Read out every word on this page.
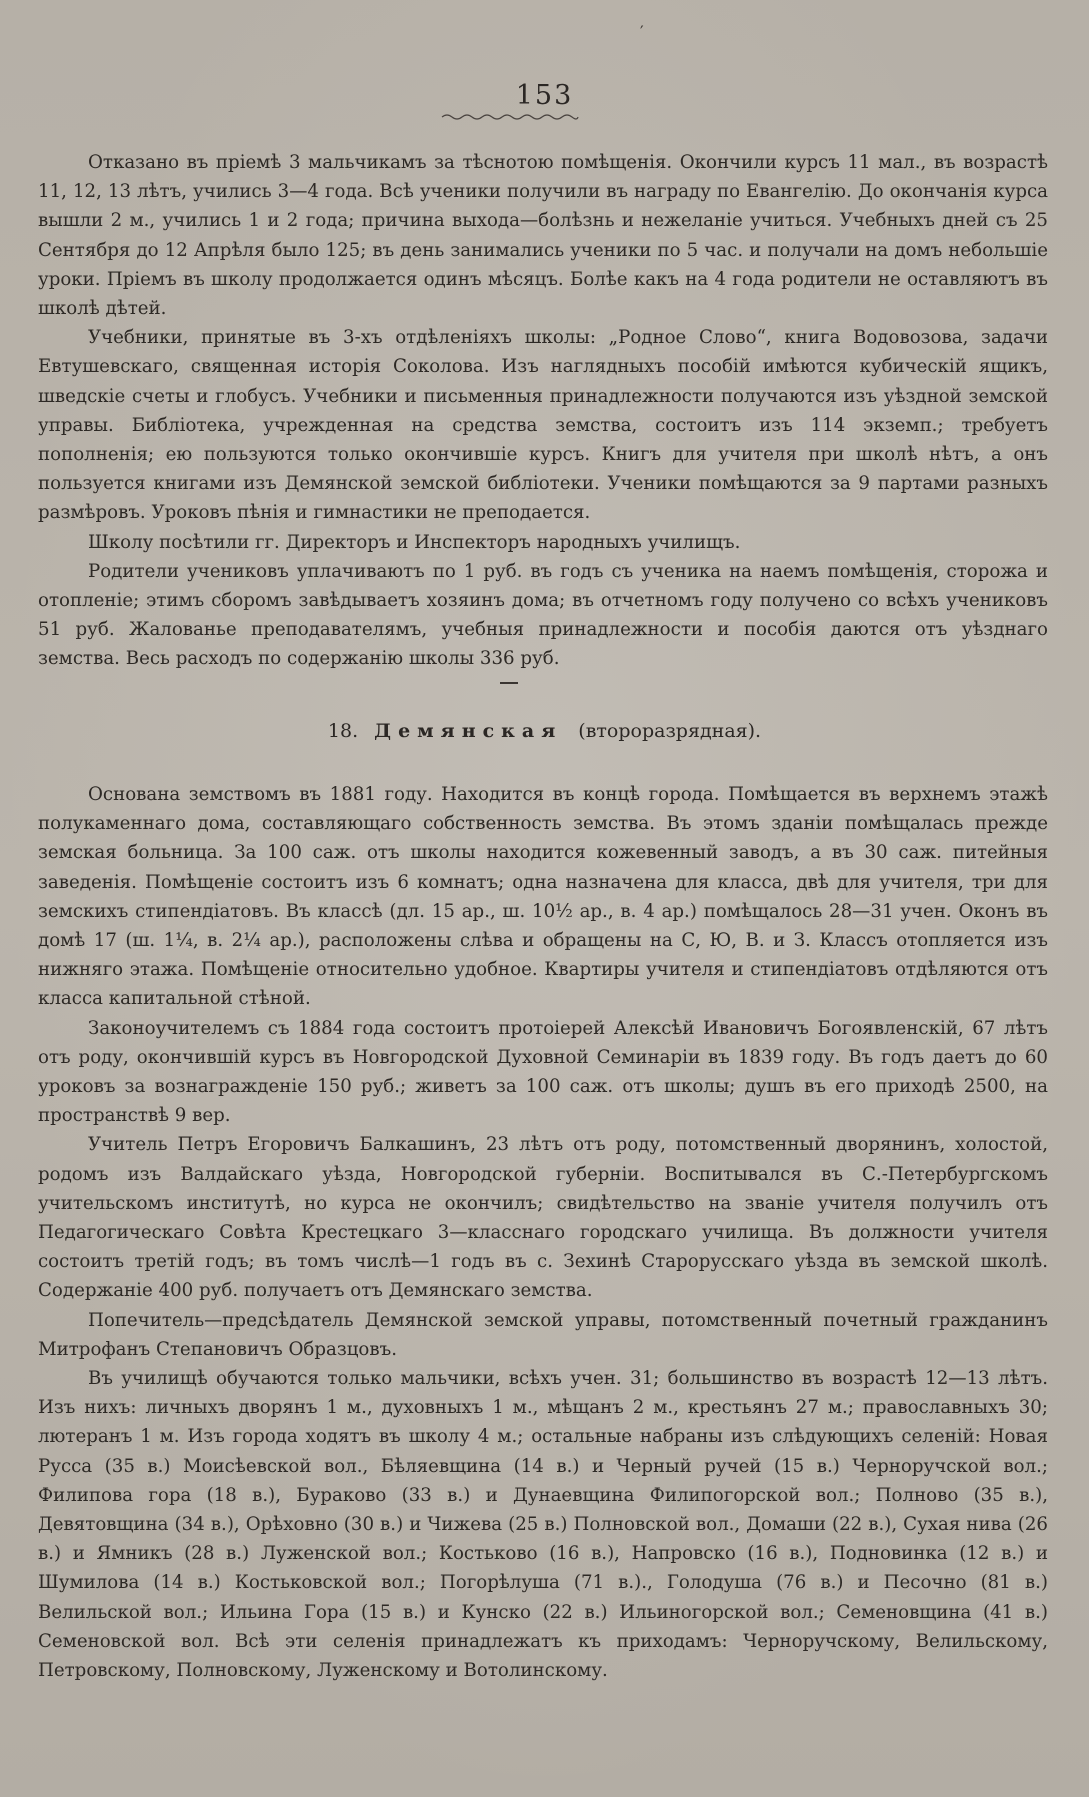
′
153

Отказано въ пріемѣ 3 мальчикамъ за тѣснотою помѣщенія. Окончили курсъ 11 мал., въ возрастѣ 11, 12, 13 лѣтъ, учились 3—4 года. Всѣ ученики получили въ награду по Евангелію. До окончанія курса вышли 2 м., учились 1 и 2 года; причина выхода—болѣзнь и нежеланіе учиться. Учебныхъ дней съ 25 Сентября до 12 Апрѣля было 125; въ день занимались ученики по 5 час. и получали на домъ небольшіе уроки. Пріемъ въ школу продолжается одинъ мѣсяцъ. Болѣе какъ на 4 года родители не оставляютъ въ школѣ дѣтей.

Учебники, принятые въ 3-хъ отдѣленіяхъ школы: „Родное Слово“, книга Водовозова, задачи Евтушевскаго, священная исторія Соколова. Изъ наглядныхъ пособій имѣются кубическій ящикъ, шведскіе счеты и глобусъ. Учебники и письменныя принадлежности получаются изъ уѣздной земской управы. Библіотека, учрежденная на средства земства, состоитъ изъ 114 экземп.; требуетъ пополненія; ею пользуются только окончившіе курсъ. Книгъ для учителя при школѣ нѣтъ, а онъ пользуется книгами изъ Демянской земской библіотеки. Ученики помѣщаются за 9 партами разныхъ размѣровъ. Уроковъ пѣнія и гимнастики не преподается.

Школу посѣтили гг. Директоръ и Инспекторъ народныхъ училищъ.

Родители учениковъ уплачиваютъ по 1 руб. въ годъ съ ученика на наемъ помѣщенія, сторожа и отопленіе; этимъ сборомъ завѣдываетъ хозяинъ дома; въ отчетномъ году получено со всѣхъ учениковъ 51 руб. Жалованье преподавателямъ, учебныя принадлежности и пособія даются отъ уѣзднаго земства. Весь расходъ по содержанію школы 336 руб.

18. Демянская (второразрядная).

Основана земствомъ въ 1881 году. Находится въ концѣ города. Помѣщается въ верхнемъ этажѣ полукаменнаго дома, составляющаго собственность земства. Въ этомъ зданіи помѣщалась прежде земская больница. За 100 саж. отъ школы находится кожевенный заводъ, а въ 30 саж. питейныя заведенія. Помѣщеніе состоитъ изъ 6 комнатъ; одна назначена для класса, двѣ для учителя, три для земскихъ стипендіатовъ. Въ классѣ (дл. 15 ар., ш. 10½ ар., в. 4 ар.) помѣщалось 28—31 учен. Оконъ въ домѣ 17 (ш. 1¼, в. 2¼ ар.), расположены слѣва и обращены на С, Ю, В. и З. Классъ отопляется изъ нижняго этажа. Помѣщеніе относительно удобное. Квартиры учителя и стипендіатовъ отдѣляются отъ класса капитальной стѣной.

Законоучителемъ съ 1884 года состоитъ протоіерей Алексѣй Ивановичъ Богоявленскій, 67 лѣтъ отъ роду, окончившій курсъ въ Новгородской Духовной Семинаріи въ 1839 году. Въ годъ даетъ до 60 уроковъ за вознагражденіе 150 руб.; живетъ за 100 саж. отъ школы; душъ въ его приходѣ 2500, на пространствѣ 9 вер.

Учитель Петръ Егоровичъ Балкашинъ, 23 лѣтъ отъ роду, потомственный дворянинъ, холостой, родомъ изъ Валдайскаго уѣзда, Новгородской губерніи. Воспитывался въ С.-Петербургскомъ учительскомъ институтѣ, но курса не окончилъ; свидѣтельство на званіе учителя получилъ отъ Педагогическаго Совѣта Крестецкаго 3—класснаго городскаго училища. Въ должности учителя состоитъ третій годъ; въ томъ числѣ—1 годъ въ с. Зехинѣ Старорусскаго уѣзда въ земской школѣ. Содержаніе 400 руб. получаетъ отъ Демянскаго земства.

Попечитель—предсѣдатель Демянской земской управы, потомственный почетный гражданинъ Митрофанъ Степановичъ Образцовъ.

Въ училищѣ обучаются только мальчики, всѣхъ учен. 31; большинство въ возрастѣ 12—13 лѣтъ. Изъ нихъ: личныхъ дворянъ 1 м., духовныхъ 1 м., мѣщанъ 2 м., крестьянъ 27 м.; православныхъ 30; лютеранъ 1 м. Изъ города ходятъ въ школу 4 м.; остальные набраны изъ слѣдующихъ селеній: Новая Русса (35 в.) Моисѣевской вол., Бѣляевщина (14 в.) и Черный ручей (15 в.) Черноручской вол.; Филипова гора (18 в.), Бураково (33 в.) и Дунаевщина Филипогорской вол.; Полново (35 в.), Девятовщина (34 в.), Орѣховно (30 в.) и Чижева (25 в.) Полновской вол., Домаши (22 в.), Сухая нива (26 в.) и Ямникъ (28 в.) Луженской вол.; Костьково (16 в.), Напровско (16 в.), Подновинка (12 в.) и Шумилова (14 в.) Костьковской вол.; Погорѣлуша (71 в.)., Голодуша (76 в.) и Песочно (81 в.) Велильской вол.; Ильина Гора (15 в.) и Кунско (22 в.) Ильиногорской вол.; Семеновщина (41 в.) Семеновской вол. Всѣ эти селенія принадлежатъ къ приходамъ: Черноручскому, Велильскому, Петровскому, Полновскому, Луженскому и Вотолинскому.
